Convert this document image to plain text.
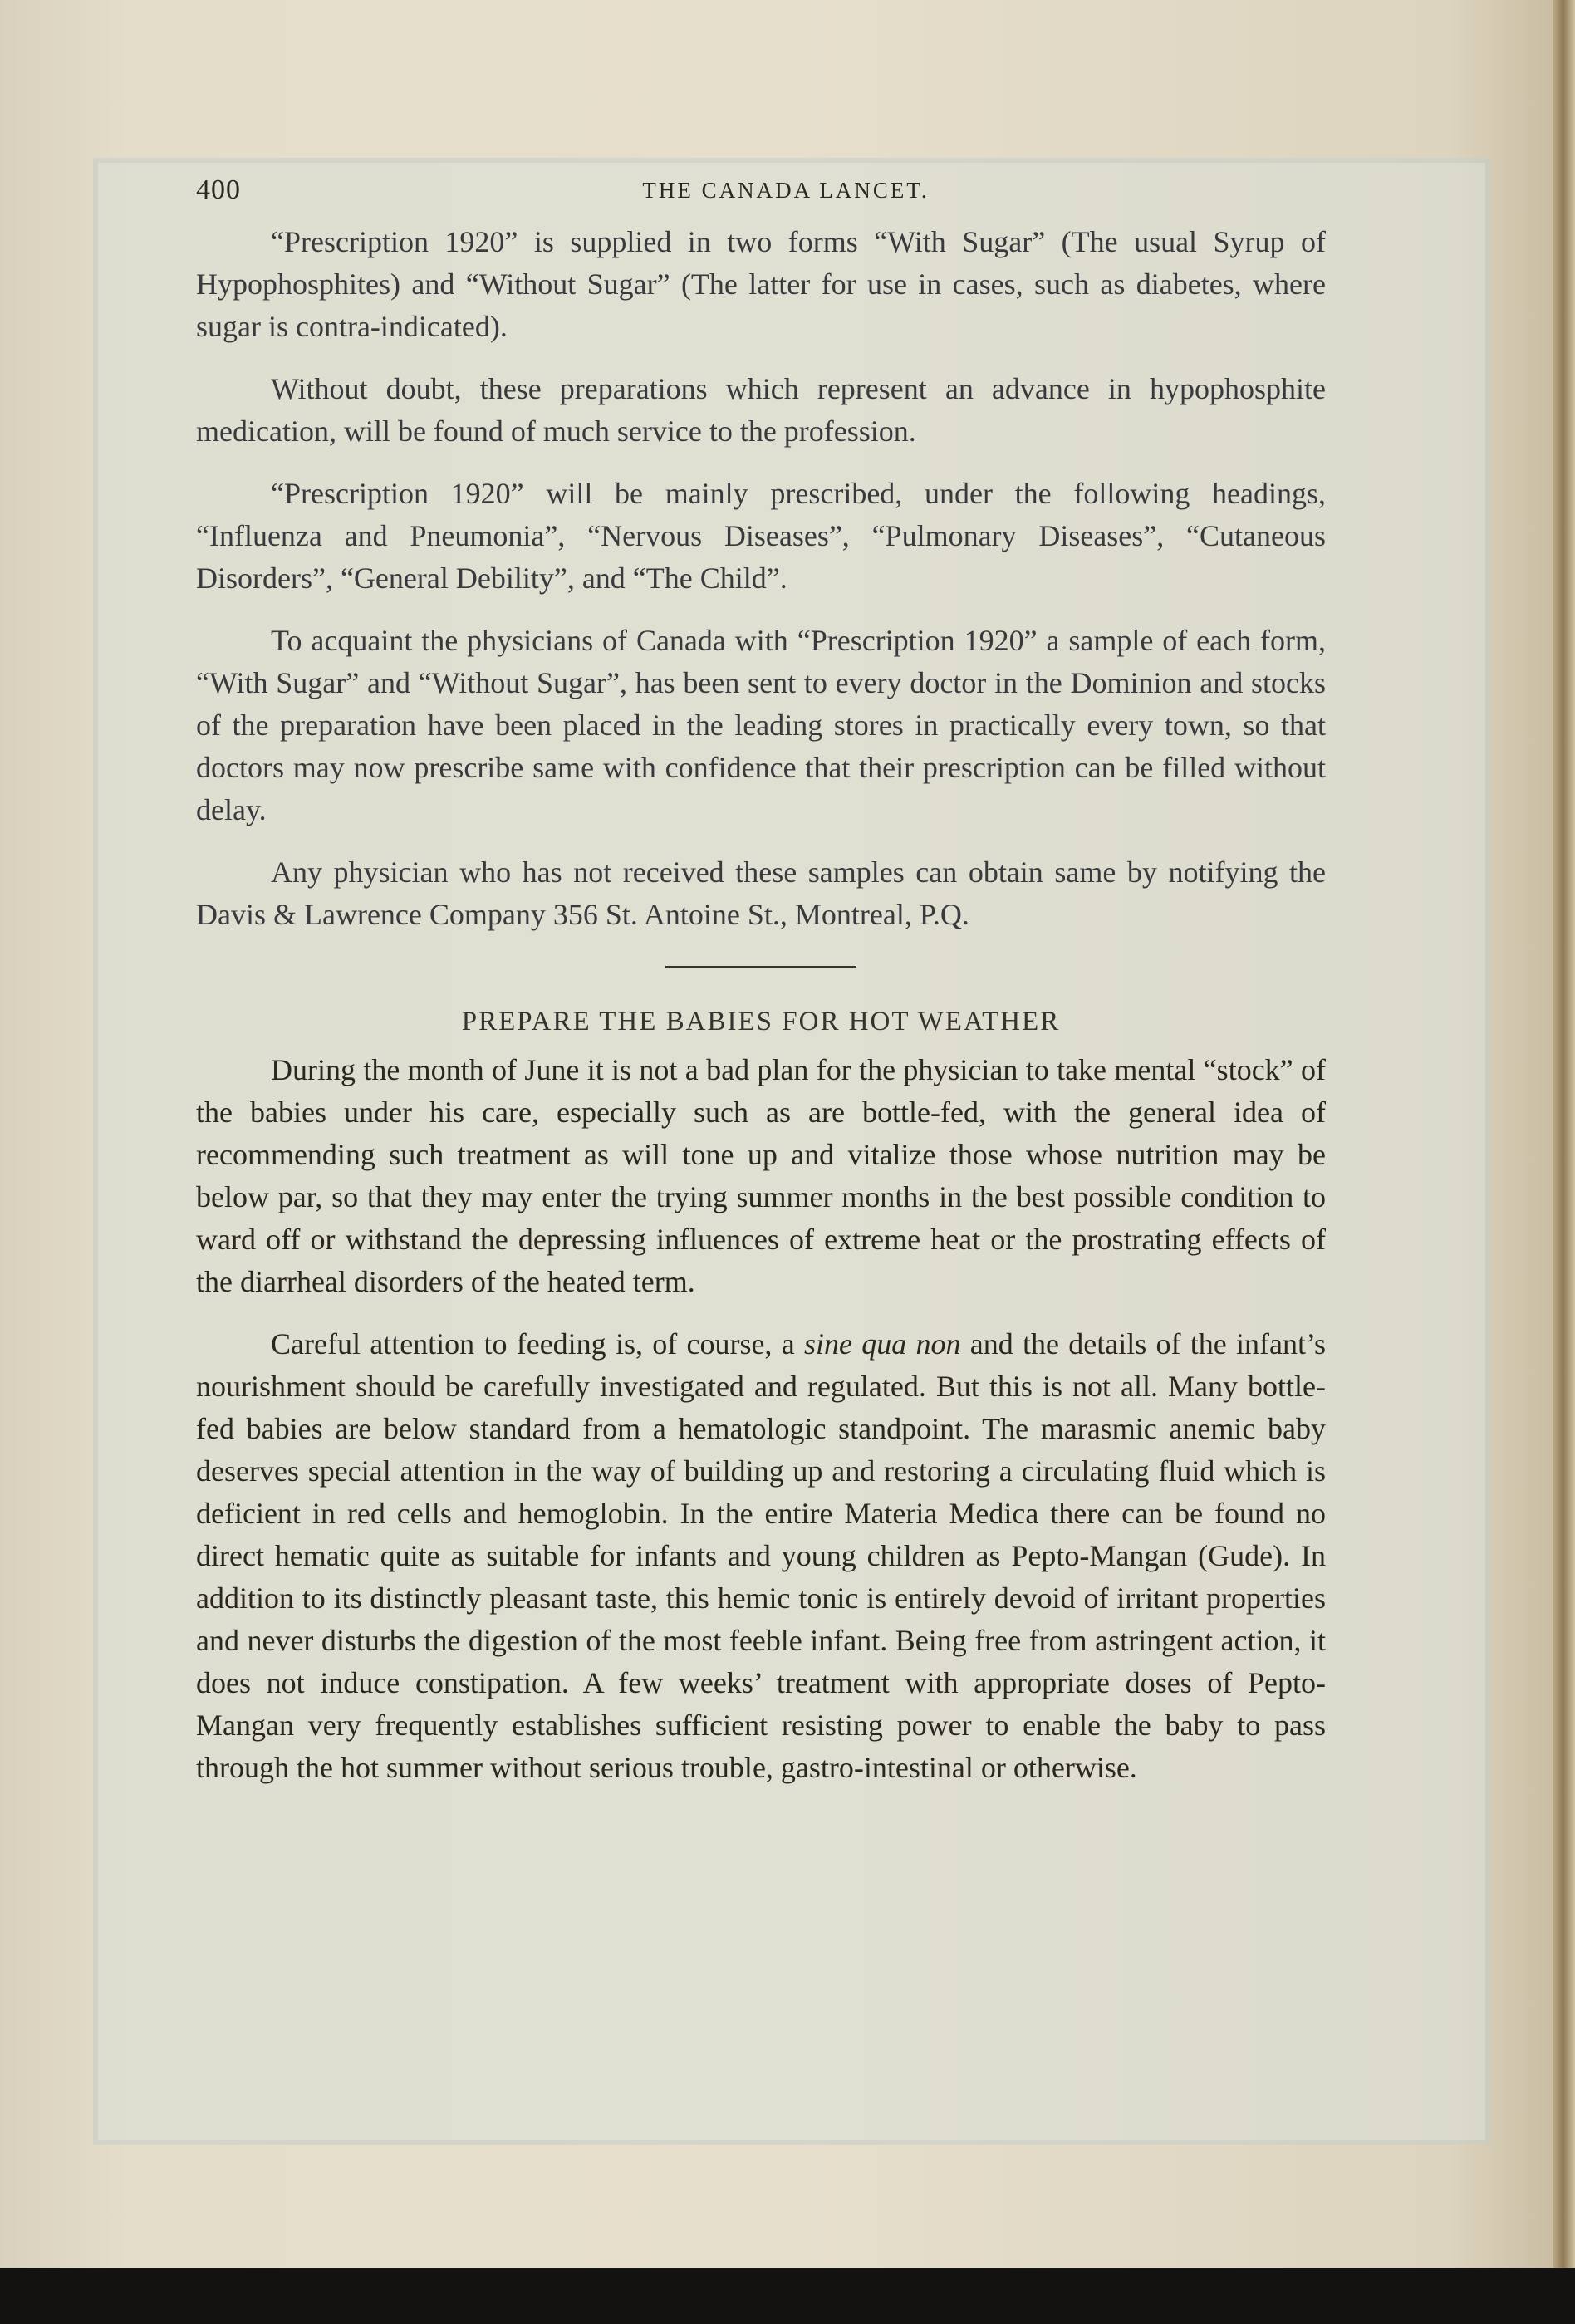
400	THE CANADA LANCET.

“Prescription 1920” is supplied in two forms “With Sugar” (The usual Syrup of Hypophosphites) and “Without Sugar” (The latter for use in cases, such as diabetes, where sugar is contra-indicated).

Without doubt, these preparations which represent an advance in hypophosphite medication, will be found of much service to the profession.

“Prescription 1920” will be mainly prescribed, under the following headings, “Influenza and Pneumonia”, “Nervous Diseases”, “Pulmonary Diseases”, “Cutaneous Disorders”, “General Debility”, and “The Child”.

To acquaint the physicians of Canada with “Prescription 1920” a sample of each form, “With Sugar” and “Without Sugar”, has been sent to every doctor in the Dominion and stocks of the preparation have been placed in the leading stores in practically every town, so that doctors may now prescribe same with confidence that their prescription can be filled without delay.

Any physician who has not received these samples can obtain same by notifying the Davis & Lawrence Company 356 St. Antoine St., Montreal, P.Q.

PREPARE THE BABIES FOR HOT WEATHER

During the month of June it is not a bad plan for the physician to take mental “stock” of the babies under his care, especially such as are bottle-fed, with the general idea of recommending such treatment as will tone up and vitalize those whose nutrition may be below par, so that they may enter the trying summer months in the best possible condition to ward off or withstand the depressing influences of extreme heat or the prostrating effects of the diarrheal disorders of the heated term.

Careful attention to feeding is, of course, a sine qua non and the details of the infant’s nourishment should be carefully investigated and regulated. But this is not all. Many bottle-fed babies are below standard from a hematologic standpoint. The marasmic anemic baby deserves special attention in the way of building up and restoring a circulating fluid which is deficient in red cells and hemoglobin. In the entire Materia Medica there can be found no direct hematic quite as suitable for infants and young children as Pepto-Mangan (Gude). In addition to its distinctly pleasant taste, this hemic tonic is entirely devoid of irritant properties and never disturbs the digestion of the most feeble infant. Being free from astringent action, it does not induce constipation. A few weeks’ treatment with appropriate doses of Pepto-Mangan very frequently establishes sufficient resisting power to enable the baby to pass through the hot summer without serious trouble, gastro-intestinal or otherwise.
